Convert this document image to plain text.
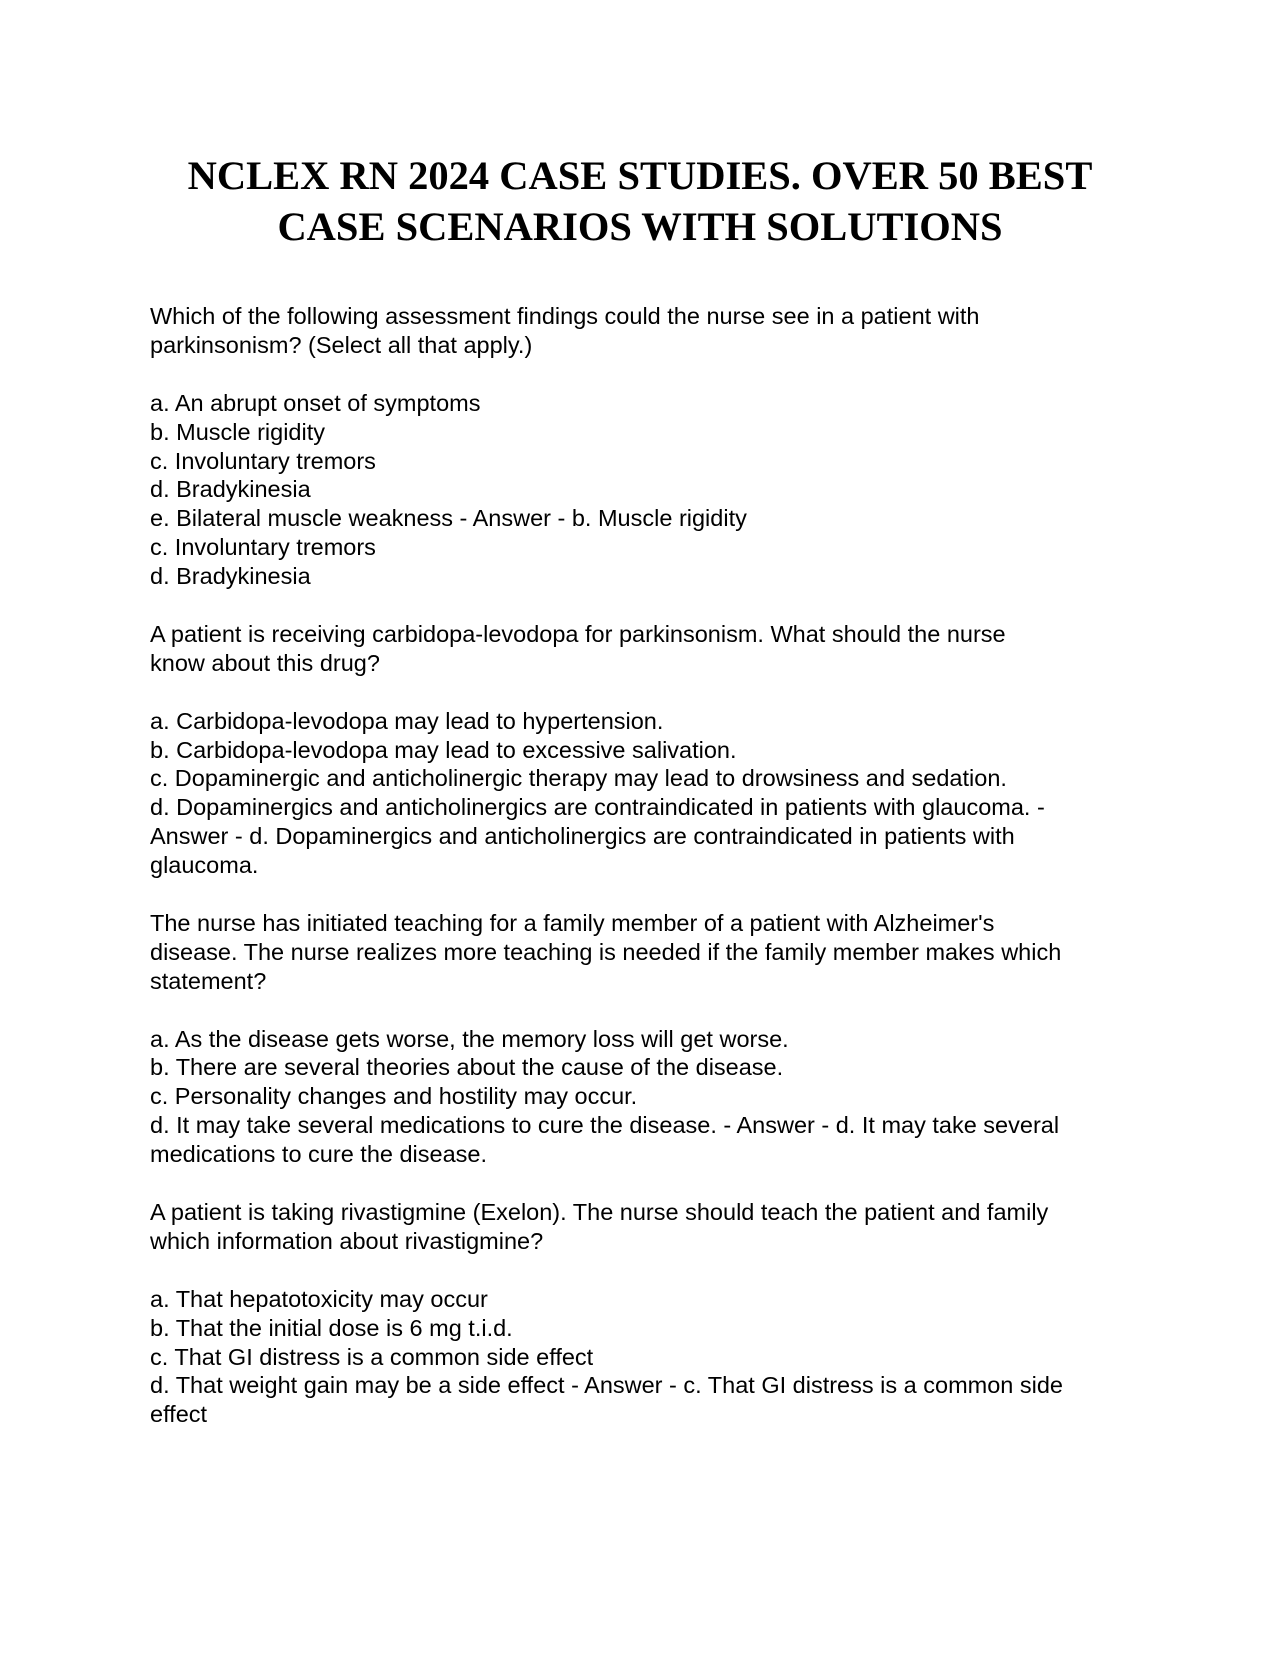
NCLEX RN 2024 CASE STUDIES. OVER 50 BEST
CASE SCENARIOS WITH SOLUTIONS

Which of the following assessment findings could the nurse see in a patient with
parkinsonism? (Select all that apply.)

a. An abrupt onset of symptoms
b. Muscle rigidity
c. Involuntary tremors
d. Bradykinesia
e. Bilateral muscle weakness - Answer - b. Muscle rigidity
c. Involuntary tremors
d. Bradykinesia

A patient is receiving carbidopa-levodopa for parkinsonism. What should the nurse
know about this drug?

a. Carbidopa-levodopa may lead to hypertension.
b. Carbidopa-levodopa may lead to excessive salivation.
c. Dopaminergic and anticholinergic therapy may lead to drowsiness and sedation.
d. Dopaminergics and anticholinergics are contraindicated in patients with glaucoma. -
Answer - d. Dopaminergics and anticholinergics are contraindicated in patients with
glaucoma.

The nurse has initiated teaching for a family member of a patient with Alzheimer's
disease. The nurse realizes more teaching is needed if the family member makes which
statement?

a. As the disease gets worse, the memory loss will get worse.
b. There are several theories about the cause of the disease.
c. Personality changes and hostility may occur.
d. It may take several medications to cure the disease. - Answer - d. It may take several
medications to cure the disease.

A patient is taking rivastigmine (Exelon). The nurse should teach the patient and family
which information about rivastigmine?

a. That hepatotoxicity may occur
b. That the initial dose is 6 mg t.i.d.
c. That GI distress is a common side effect
d. That weight gain may be a side effect - Answer - c. That GI distress is a common side
effect
